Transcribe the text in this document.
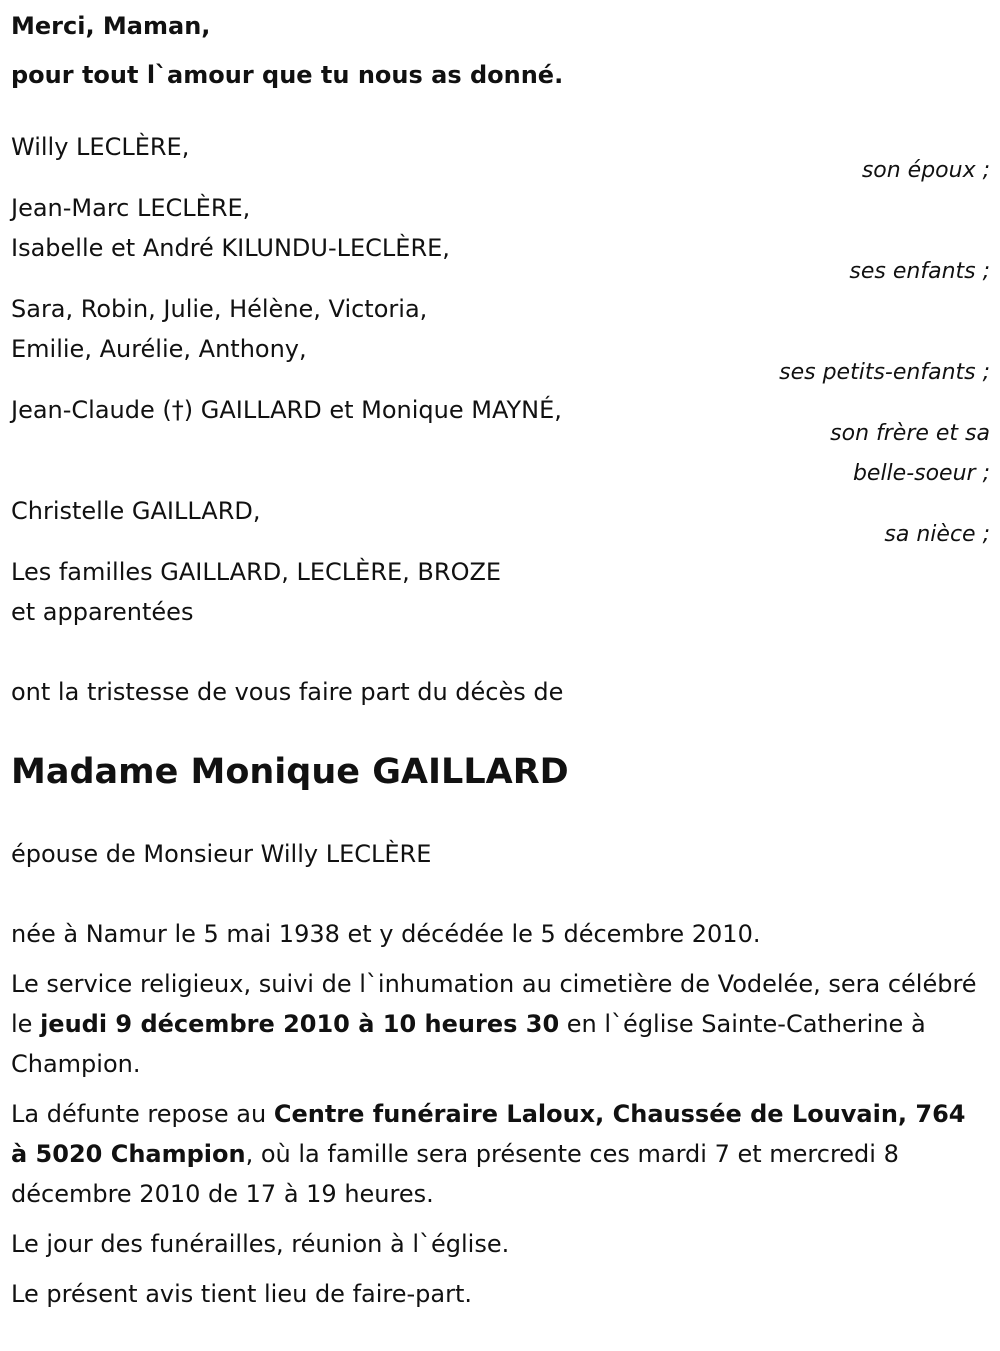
Merci, Maman,

pour tout l`amour que tu nous as donné.

Willy LECLÈRE,

son époux ;

Jean-Marc LECLÈRE,

Isabelle et André KILUNDU-LECLÈRE,

ses enfants ;

Sara, Robin, Julie, Hélène, Victoria,

Emilie, Aurélie, Anthony,

ses petits-enfants ;

Jean-Claude (†) GAILLARD et Monique MAYNÉ,

son frère et sa

belle-soeur ;

Christelle GAILLARD,

sa nièce ;

Les familles GAILLARD, LECLÈRE, BROZE

et apparentées

ont la tristesse de vous faire part du décès de

Madame Monique GAILLARD

épouse de Monsieur Willy LECLÈRE

née à Namur le 5 mai 1938 et y décédée le 5 décembre 2010.

Le service religieux, suivi de l`inhumation au cimetière de Vodelée, sera célébré le jeudi 9 décembre 2010 à 10 heures 30 en l`église Sainte-Catherine à Champion.

La défunte repose au Centre funéraire Laloux, Chaussée de Louvain, 764 à 5020 Champion, où la famille sera présente ces mardi 7 et mercredi 8 décembre 2010 de 17 à 19 heures.

Le jour des funérailles, réunion à l`église.

Le présent avis tient lieu de faire-part.
